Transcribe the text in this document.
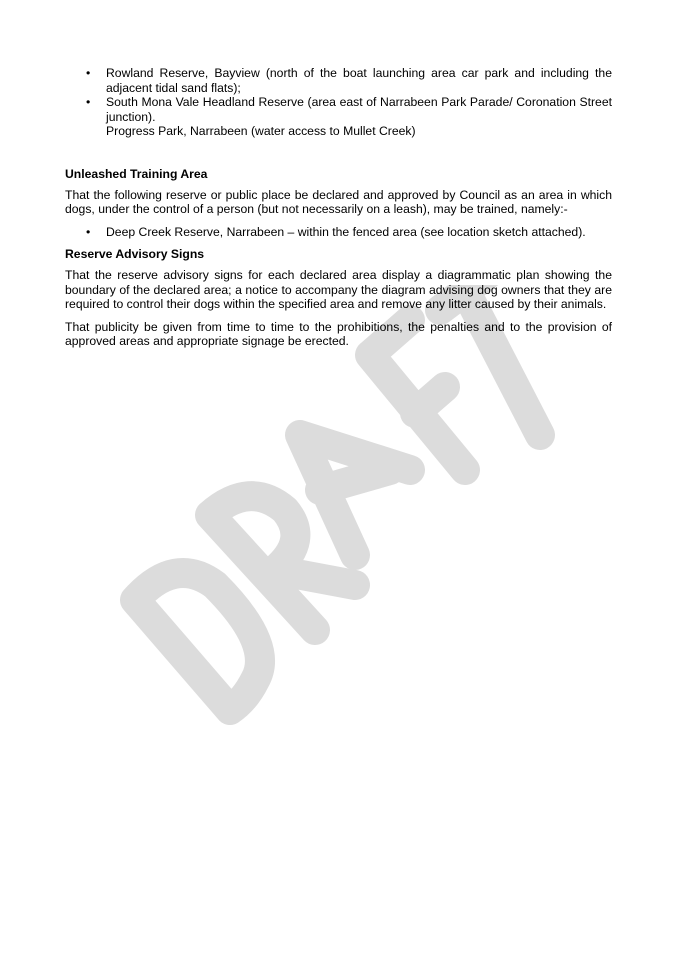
• Rowland Reserve, Bayview (north of the boat launching area car park and including the adjacent tidal sand flats);
• South Mona Vale Headland Reserve (area east of Narrabeen Park Parade/ Coronation Street junction).
Progress Park, Narrabeen (water access to Mullet Creek)
Unleashed Training Area

That the following reserve or public place be declared and approved by Council as an area in which dogs, under the control of a person (but not necessarily on a leash), may be trained, namely:-

• Deep Creek Reserve, Narrabeen – within the fenced area (see location sketch attached).
Reserve Advisory Signs

That the reserve advisory signs for each declared area display a diagrammatic plan showing the boundary of the declared area; a notice to accompany the diagram advising dog owners that they are required to control their dogs within the specified area and remove any litter caused by their animals.

That publicity be given from time to time to the prohibitions, the penalties and to the provision of approved areas and appropriate signage be erected.
